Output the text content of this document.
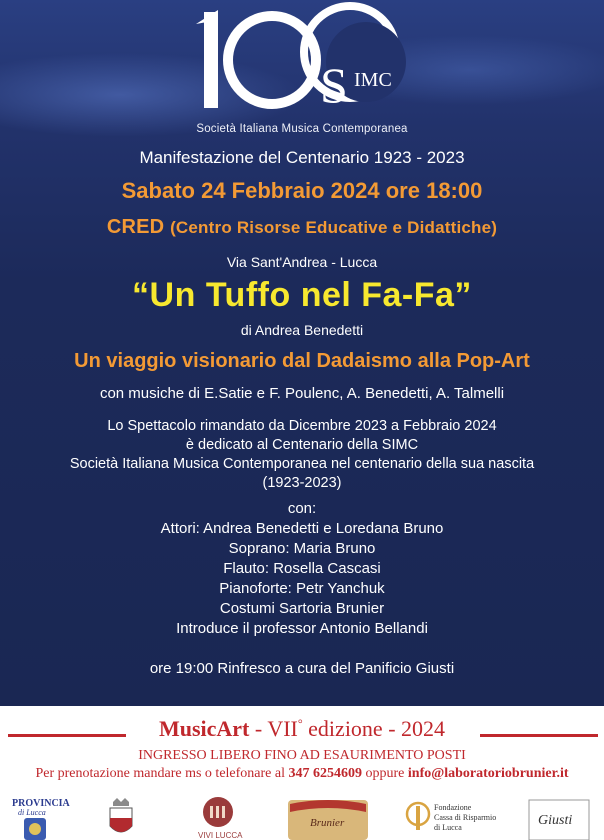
S IMC
Società Italiana Musica Contemporanea
Manifestazione del Centenario 1923 - 2023
Sabato 24 Febbraio 2024 ore 18:00
CRED (Centro Risorse Educative e Didattiche)
Via Sant'Andrea - Lucca
“Un Tuffo nel Fa-Fa”
di Andrea Benedetti
Un viaggio visionario dal Dadaismo alla Pop-Art
con musiche di E.Satie e F. Poulenc, A. Benedetti, A. Talmelli
Lo Spettacolo rimandato da Dicembre 2023 a Febbraio 2024
è dedicato al Centenario della SIMC
Società Italiana Musica Contemporanea nel centenario della sua nascita
(1923-2023)
con:
Attori: Andrea Benedetti e Loredana Bruno
Soprano: Maria Bruno
Flauto: Rosella Cascasi
Pianoforte: Petr Yanchuk
Costumi Sartoria Brunier
Introduce il professor Antonio Bellandi
ore 19:00 Rinfresco a cura del Panificio Giusti
MusicArt - VII° edizione - 2024
INGRESSO LIBERO FINO AD ESAURIMENTO POSTI
Per prenotazione mandare ms o telefonare al 347 6254609 oppure info@laboratoriobrunier.it
PROVINCIA
di Lucca
VIVI LUCCA
Brunier
Fondazione
Cassa di Risparmio
di Lucca	Giusti
